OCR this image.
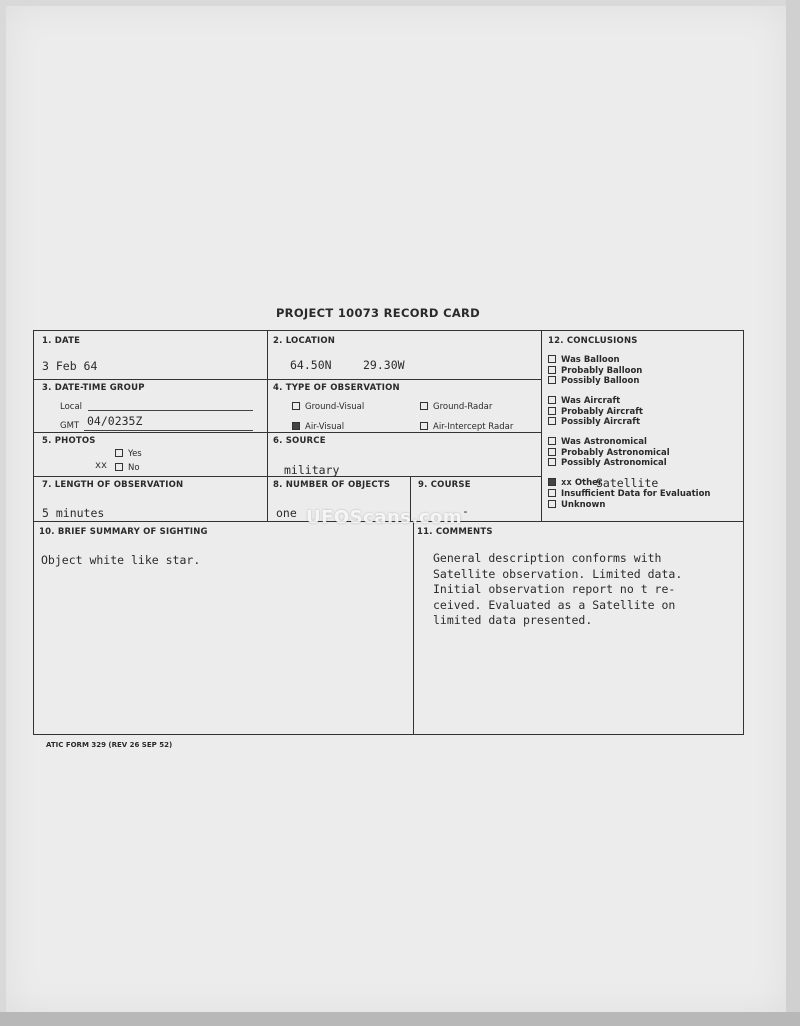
PROJECT 10073 RECORD CARD
1. DATE
3 Feb 64
2. LOCATION
64.50N	29.30W
3. DATE-TIME GROUP
Local
GMT 04/0235Z
4. TYPE OF OBSERVATION
Ground-Visual	Ground-Radar
Air-Visual	Air-Intercept Radar
5. PHOTOS
Yes
xx	No
6. SOURCE
military
7. LENGTH OF OBSERVATION
5 minutes
8. NUMBER OF OBJECTS
one
9. COURSE
-
10. BRIEF SUMMARY OF SIGHTING
Object white like star.
11. COMMENTS
General description conforms with
Satellite observation. Limited data.
Initial observation report no t re-
ceived. Evaluated as a Satellite on
limited data presented.
12. CONCLUSIONS
Was Balloon
Probably Balloon
Possibly Balloon
Was Aircraft
Probably Aircraft
Possibly Aircraft
Was Astronomical
Probably Astronomical
Possibly Astronomical
xx Other
Satellite
Insufficient Data for Evaluation
Unknown
UFOScans.com
ATIC FORM 329 (REV 26 SEP 52)
